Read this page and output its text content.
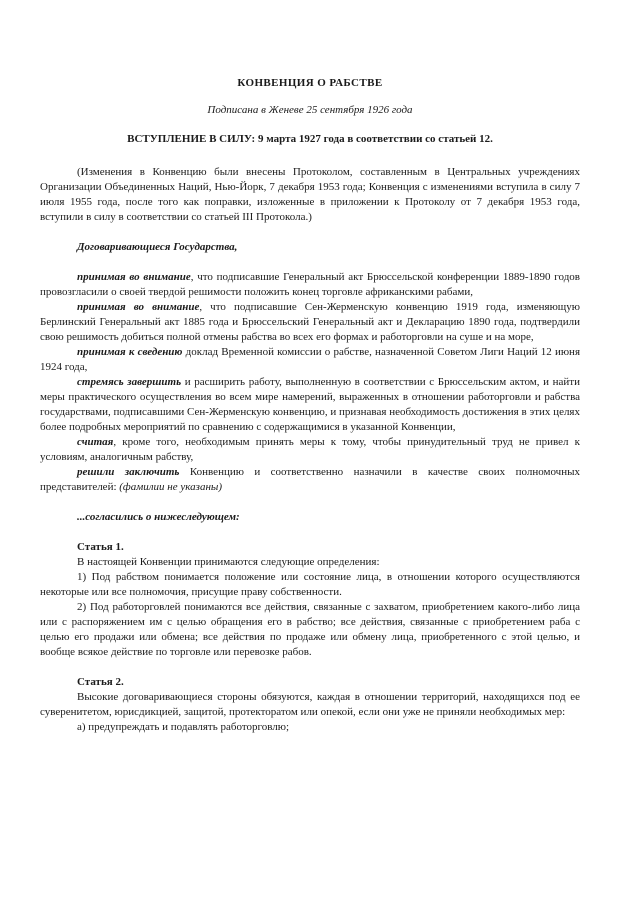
КОНВЕНЦИЯ О РАБСТВЕ

Подписана в Женеве 25 сентября 1926 года

ВСТУПЛЕНИЕ В СИЛУ: 9 марта 1927 года в соответствии со статьей 12.

(Изменения в Конвенцию были внесены Протоколом, составленным в Центральных учреждениях Организации Объединенных Наций, Нью-Йорк, 7 декабря 1953 года; Конвенция с изменениями вступила в силу 7 июля 1955 года, после того как поправки, изложенные в приложении к Протоколу от 7 декабря 1953 года, вступили в силу в соответствии со статьей III Протокола.)

Договаривающиеся Государства,

принимая во внимание, что подписавшие Генеральный акт Брюссельской конференции 1889-1890 годов провозгласили о своей твердой решимости положить конец торговле африканскими рабами,

принимая во внимание, что подписавшие Сен-Жерменскую конвенцию 1919 года, изменяющую Берлинский Генеральный акт 1885 года и Брюссельский Генеральный акт и Декларацию 1890 года, подтвердили свою решимость добиться полной отмены рабства во всех его формах и работорговли на суше и на море,

принимая к сведению доклад Временной комиссии о рабстве, назначенной Советом Лиги Наций 12 июня 1924 года,

стремясь завершить и расширить работу, выполненную в соответствии с Брюссельским актом, и найти меры практического осуществления во всем мире намерений, выраженных в отношении работорговли и рабства государствами, подписавшими Сен-Жерменскую конвенцию, и признавая необходимость достижения в этих целях более подробных мероприятий по сравнению с содержащимися в указанной Конвенции,

считая, кроме того, необходимым принять меры к тому, чтобы принудительный труд не привел к условиям, аналогичным рабству,

решили заключить Конвенцию и соответственно назначили в качестве своих полномочных представителей: (фамилии не указаны)

...согласились о нижеследующем:

Статья 1.

В настоящей Конвенции принимаются следующие определения:

1) Под рабством понимается положение или состояние лица, в отношении которого осуществляются некоторые или все полномочия, присущие праву собственности.

2) Под работорговлей понимаются все действия, связанные с захватом, приобретением какого-либо лица или с распоряжением им с целью обращения его в рабство; все действия, связанные с приобретением раба с целью его продажи или обмена; все действия по продаже или обмену лица, приобретенного с этой целью, и вообще всякое действие по торговле или перевозке рабов.

Статья 2.

Высокие договаривающиеся стороны обязуются, каждая в отношении территорий, находящихся под ее суверенитетом, юрисдикцией, защитой, протекторатом или опекой, если они уже не приняли необходимых мер:

а) предупреждать и подавлять работорговлю;
